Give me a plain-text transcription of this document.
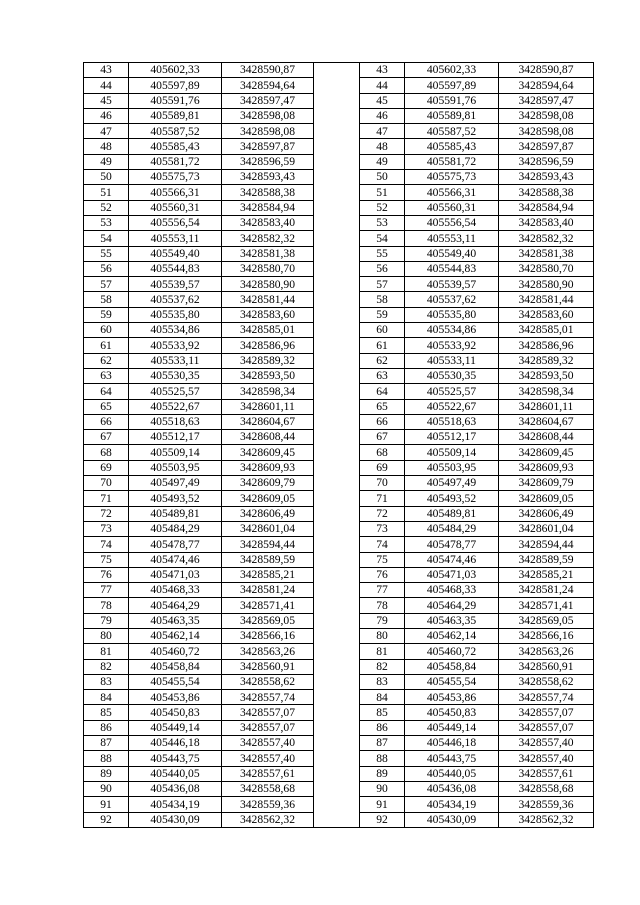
43	405602,33	3428590,87		43	405602,33	3428590,87
44	405597,89	3428594,64		44	405597,89	3428594,64
45	405591,76	3428597,47		45	405591,76	3428597,47
46	405589,81	3428598,08		46	405589,81	3428598,08
47	405587,52	3428598,08		47	405587,52	3428598,08
48	405585,43	3428597,87		48	405585,43	3428597,87
49	405581,72	3428596,59		49	405581,72	3428596,59
50	405575,73	3428593,43		50	405575,73	3428593,43
51	405566,31	3428588,38		51	405566,31	3428588,38
52	405560,31	3428584,94		52	405560,31	3428584,94
53	405556,54	3428583,40		53	405556,54	3428583,40
54	405553,11	3428582,32		54	405553,11	3428582,32
55	405549,40	3428581,38		55	405549,40	3428581,38
56	405544,83	3428580,70		56	405544,83	3428580,70
57	405539,57	3428580,90		57	405539,57	3428580,90
58	405537,62	3428581,44		58	405537,62	3428581,44
59	405535,80	3428583,60		59	405535,80	3428583,60
60	405534,86	3428585,01		60	405534,86	3428585,01
61	405533,92	3428586,96		61	405533,92	3428586,96
62	405533,11	3428589,32		62	405533,11	3428589,32
63	405530,35	3428593,50		63	405530,35	3428593,50
64	405525,57	3428598,34		64	405525,57	3428598,34
65	405522,67	3428601,11		65	405522,67	3428601,11
66	405518,63	3428604,67		66	405518,63	3428604,67
67	405512,17	3428608,44		67	405512,17	3428608,44
68	405509,14	3428609,45		68	405509,14	3428609,45
69	405503,95	3428609,93		69	405503,95	3428609,93
70	405497,49	3428609,79		70	405497,49	3428609,79
71	405493,52	3428609,05		71	405493,52	3428609,05
72	405489,81	3428606,49		72	405489,81	3428606,49
73	405484,29	3428601,04		73	405484,29	3428601,04
74	405478,77	3428594,44		74	405478,77	3428594,44
75	405474,46	3428589,59		75	405474,46	3428589,59
76	405471,03	3428585,21		76	405471,03	3428585,21
77	405468,33	3428581,24		77	405468,33	3428581,24
78	405464,29	3428571,41		78	405464,29	3428571,41
79	405463,35	3428569,05		79	405463,35	3428569,05
80	405462,14	3428566,16		80	405462,14	3428566,16
81	405460,72	3428563,26		81	405460,72	3428563,26
82	405458,84	3428560,91		82	405458,84	3428560,91
83	405455,54	3428558,62		83	405455,54	3428558,62
84	405453,86	3428557,74		84	405453,86	3428557,74
85	405450,83	3428557,07		85	405450,83	3428557,07
86	405449,14	3428557,07		86	405449,14	3428557,07
87	405446,18	3428557,40		87	405446,18	3428557,40
88	405443,75	3428557,40		88	405443,75	3428557,40
89	405440,05	3428557,61		89	405440,05	3428557,61
90	405436,08	3428558,68		90	405436,08	3428558,68
91	405434,19	3428559,36		91	405434,19	3428559,36
92	405430,09	3428562,32		92	405430,09	3428562,32
